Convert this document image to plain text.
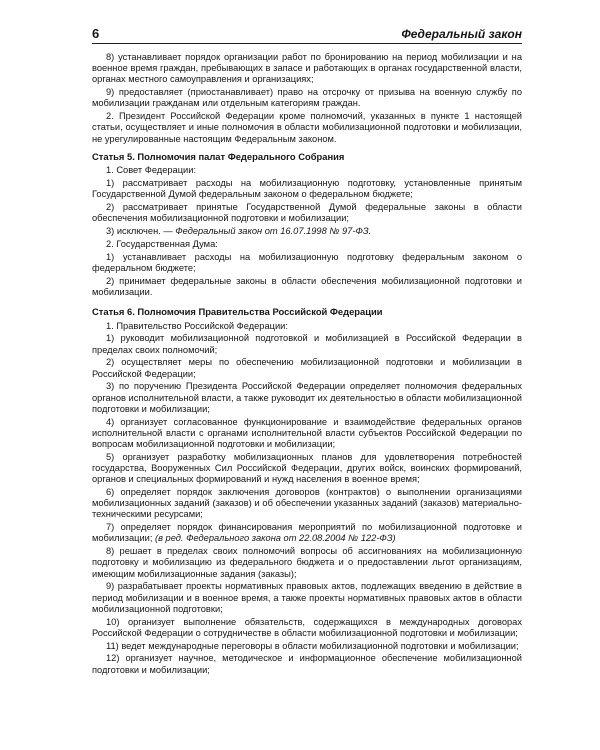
6	Федеральный закон

8) устанавливает порядок организации работ по бронированию на период мобилизации и на военное время граждан, пребывающих в запасе и работающих в органах государственной власти, органах местного самоуправления и организациях;

9) предоставляет (приостанавливает) право на отсрочку от призыва на военную службу по мобилизации гражданам или отдельным категориям граждан.

2. Президент Российской Федерации кроме полномочий, указанных в пункте 1 настоящей статьи, осуществляет и иные полномочия в области мобилизационной подготовки и мобилизации, не урегулированные настоящим Федеральным законом.

Статья 5. Полномочия палат Федерального Собрания

1. Совет Федерации:

1) рассматривает расходы на мобилизационную подготовку, установленные принятым Государственной Думой федеральным законом о федеральном бюджете;

2) рассматривает принятые Государственной Думой федеральные законы в области обеспечения мобилизационной подготовки и мобилизации;

3) исключен. — Федеральный закон от 16.07.1998 № 97-ФЗ.

2. Государственная Дума:

1) устанавливает расходы на мобилизационную подготовку федеральным законом о федеральном бюджете;

2) принимает федеральные законы в области обеспечения мобилизационной подготовки и мобилизации.

Статья 6. Полномочия Правительства Российской Федерации

1. Правительство Российской Федерации:

1) руководит мобилизационной подготовкой и мобилизацией в Российской Федерации в пределах своих полномочий;

2) осуществляет меры по обеспечению мобилизационной подготовки и мобилизации в Российской Федерации;

3) по поручению Президента Российской Федерации определяет полномочия федеральных органов исполнительной власти, а также руководит их деятельностью в области мобилизационной подготовки и мобилизации;

4) организует согласованное функционирование и взаимодействие федеральных органов исполнительной власти с органами исполнительной власти субъектов Российской Федерации по вопросам мобилизационной подготовки и мобилизации;

5) организует разработку мобилизационных планов для удовлетворения потребностей государства, Вооруженных Сил Российской Федерации, других войск, воинских формирований, органов и специальных формирований и нужд населения в военное время;

6) определяет порядок заключения договоров (контрактов) о выполнении организациями мобилизационных заданий (заказов) и об обеспечении указанных заданий (заказов) материально-техническими ресурсами;

7) определяет порядок финансирования мероприятий по мобилизационной подготовке и мобилизации; (в ред. Федерального закона от 22.08.2004 № 122-ФЗ)

8) решает в пределах своих полномочий вопросы об ассигнованиях на мобилизационную подготовку и мобилизацию из федерального бюджета и о предоставлении льгот организациям, имеющим мобилизационные задания (заказы);

9) разрабатывает проекты нормативных правовых актов, подлежащих введению в действие в период мобилизации и в военное время, а также проекты нормативных правовых актов в области мобилизационной подготовки;

10) организует выполнение обязательств, содержащихся в международных договорах Российской Федерации о сотрудничестве в области мобилизационной подготовки и мобилизации;

11) ведет международные переговоры в области мобилизационной подготовки и мобилизации;

12) организует научное, методическое и информационное обеспечение мобилизационной подготовки и мобилизации;
